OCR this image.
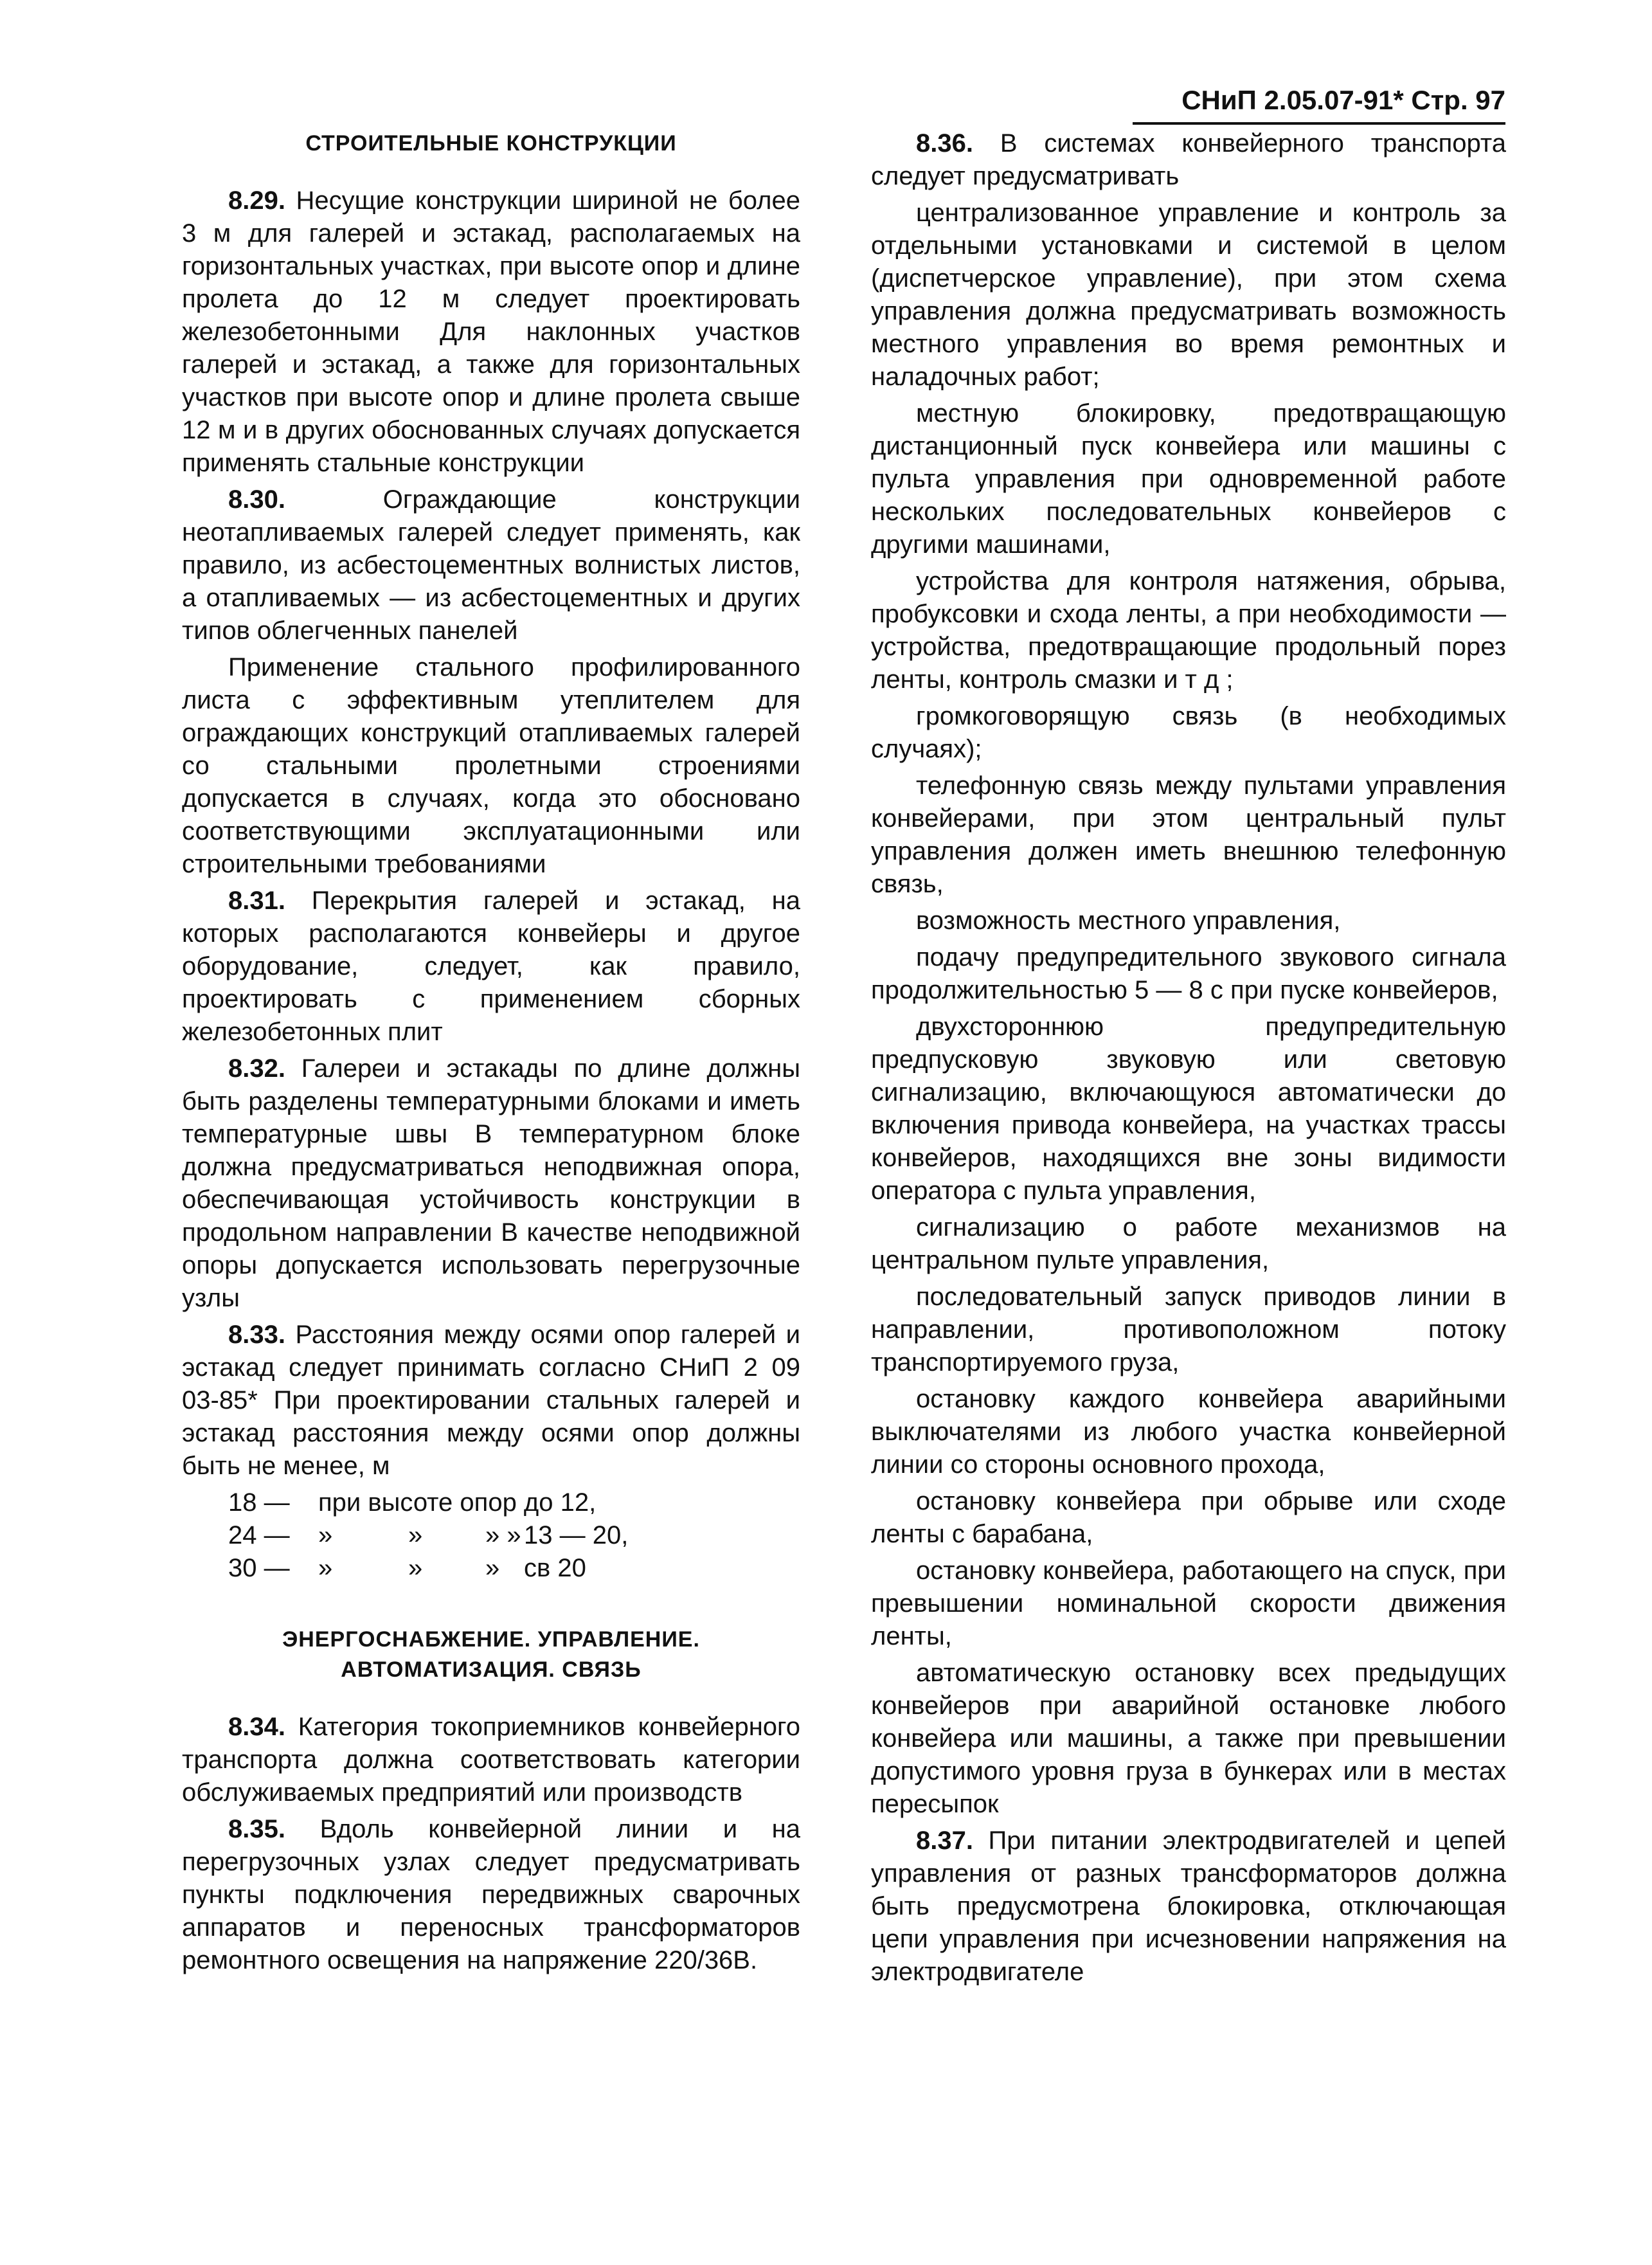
СНиП 2.05.07-91* Стр. 97
СТРОИТЕЛЬНЫЕ КОНСТРУКЦИИ

8.29. Несущие конструкции шириной не более 3 м для галерей и эстакад, располагаемых на горизонтальных участках, при высоте опор и длине пролета до 12 м следует проектировать железобетонными Для наклонных участков галерей и эстакад, а также для горизонтальных участков при высоте опор и длине пролета свыше 12 м и в других обоснованных случаях допускается применять стальные конструкции

8.30.	Ограждающие конструкции неотапливаемых галерей следует применять, как правило, из асбестоцементных волнистых листов, а отапливаемых — из асбестоцементных и других типов облегченных панелей

Применение стального профилированного листа с эффективным утеплителем для ограждающих конструкций отапливаемых галерей со стальными пролетными строениями допускается в случаях, когда это обосновано соответствующими эксплуатационными или строительными требованиями

8.31. Перекрытия галерей и эстакад, на которых располагаются конвейеры и другое оборудование, следует, как правило, проектировать с применением сборных железобетонных плит

8.32. Галереи и эстакады по длине должны быть разделены температурными блоками и иметь температурные швы В температурном блоке должна предусматриваться неподвижная опора, обеспечивающая устойчивость конструкции в продольном направлении В качестве неподвижной опоры допускается использовать перегрузочные узлы

8.33. Расстояния между осями опор галерей и эстакад следует принимать согласно СНиП 2 09 03-85* При проектировании стальных галерей и эстакад расстояния между осями опор должны быть не менее, м

18 —	при высоте опор до 12,			
24 —	»	»	» »	13 — 20,
30 —	»	»	»	св 20
ЭНЕРГОСНАБЖЕНИЕ. УПРАВЛЕНИЕ.
АВТОМАТИЗАЦИЯ. СВЯЗЬ

8.34. Категория токоприемников конвейерного транспорта должна соответствовать категории обслуживаемых предприятий или производств

8.35. Вдоль конвейерной линии и на перегрузочных узлах следует предусматривать пункты подключения передвижных сварочных аппаратов и переносных трансформаторов ремонтного освещения на напряжение 220/36В.

8.36. В системах конвейерного транспорта следует предусматривать

централизованное управление и контроль за отдельными установками и системой в целом (диспетчерское управление), при этом схема управления должна предусматривать возможность местного управления во время ремонтных и наладочных работ;

местную блокировку, предотвращающую дистанционный пуск конвейера или машины с пульта управления при одновременной работе нескольких последовательных конвейеров с другими машинами,

устройства для контроля натяжения, обрыва, пробуксовки и схода ленты, а при необходимости — устройства, предотвращающие продольный порез ленты, контроль смазки и т д ;

громкоговорящую связь (в необходимых случаях);

телефонную связь между пультами управления конвейерами, при этом центральный пульт управления должен иметь внешнюю телефонную связь,

возможность местного управления,

подачу предупредительного звукового сигнала продолжительностью 5 — 8 с при пуске конвейеров,

двухстороннюю предупредительную предпусковую звуковую или световую сигнализацию, включающуюся автоматически до включения привода конвейера, на участках трассы конвейеров, находящихся вне зоны видимости оператора с пульта управления,

сигнализацию о работе механизмов на центральном пульте управления,

последовательный запуск приводов линии в направлении, противоположном потоку транспортируемого груза,

остановку каждого конвейера аварийными выключателями из любого участка конвейерной линии со стороны основного прохода,

остановку конвейера при обрыве или сходе ленты с барабана,

остановку конвейера, работающего на спуск, при превышении номинальной скорости движения ленты,

автоматическую остановку всех предыдущих конвейеров при аварийной остановке любого конвейера или машины, а также при превышении допустимого уровня груза в бункерах или в местах пересыпок

8.37. При питании электродвигателей и цепей управления от разных трансформаторов должна быть предусмотрена блокировка, отключающая цепи управления при исчезновении напряжения на электродвигателе
